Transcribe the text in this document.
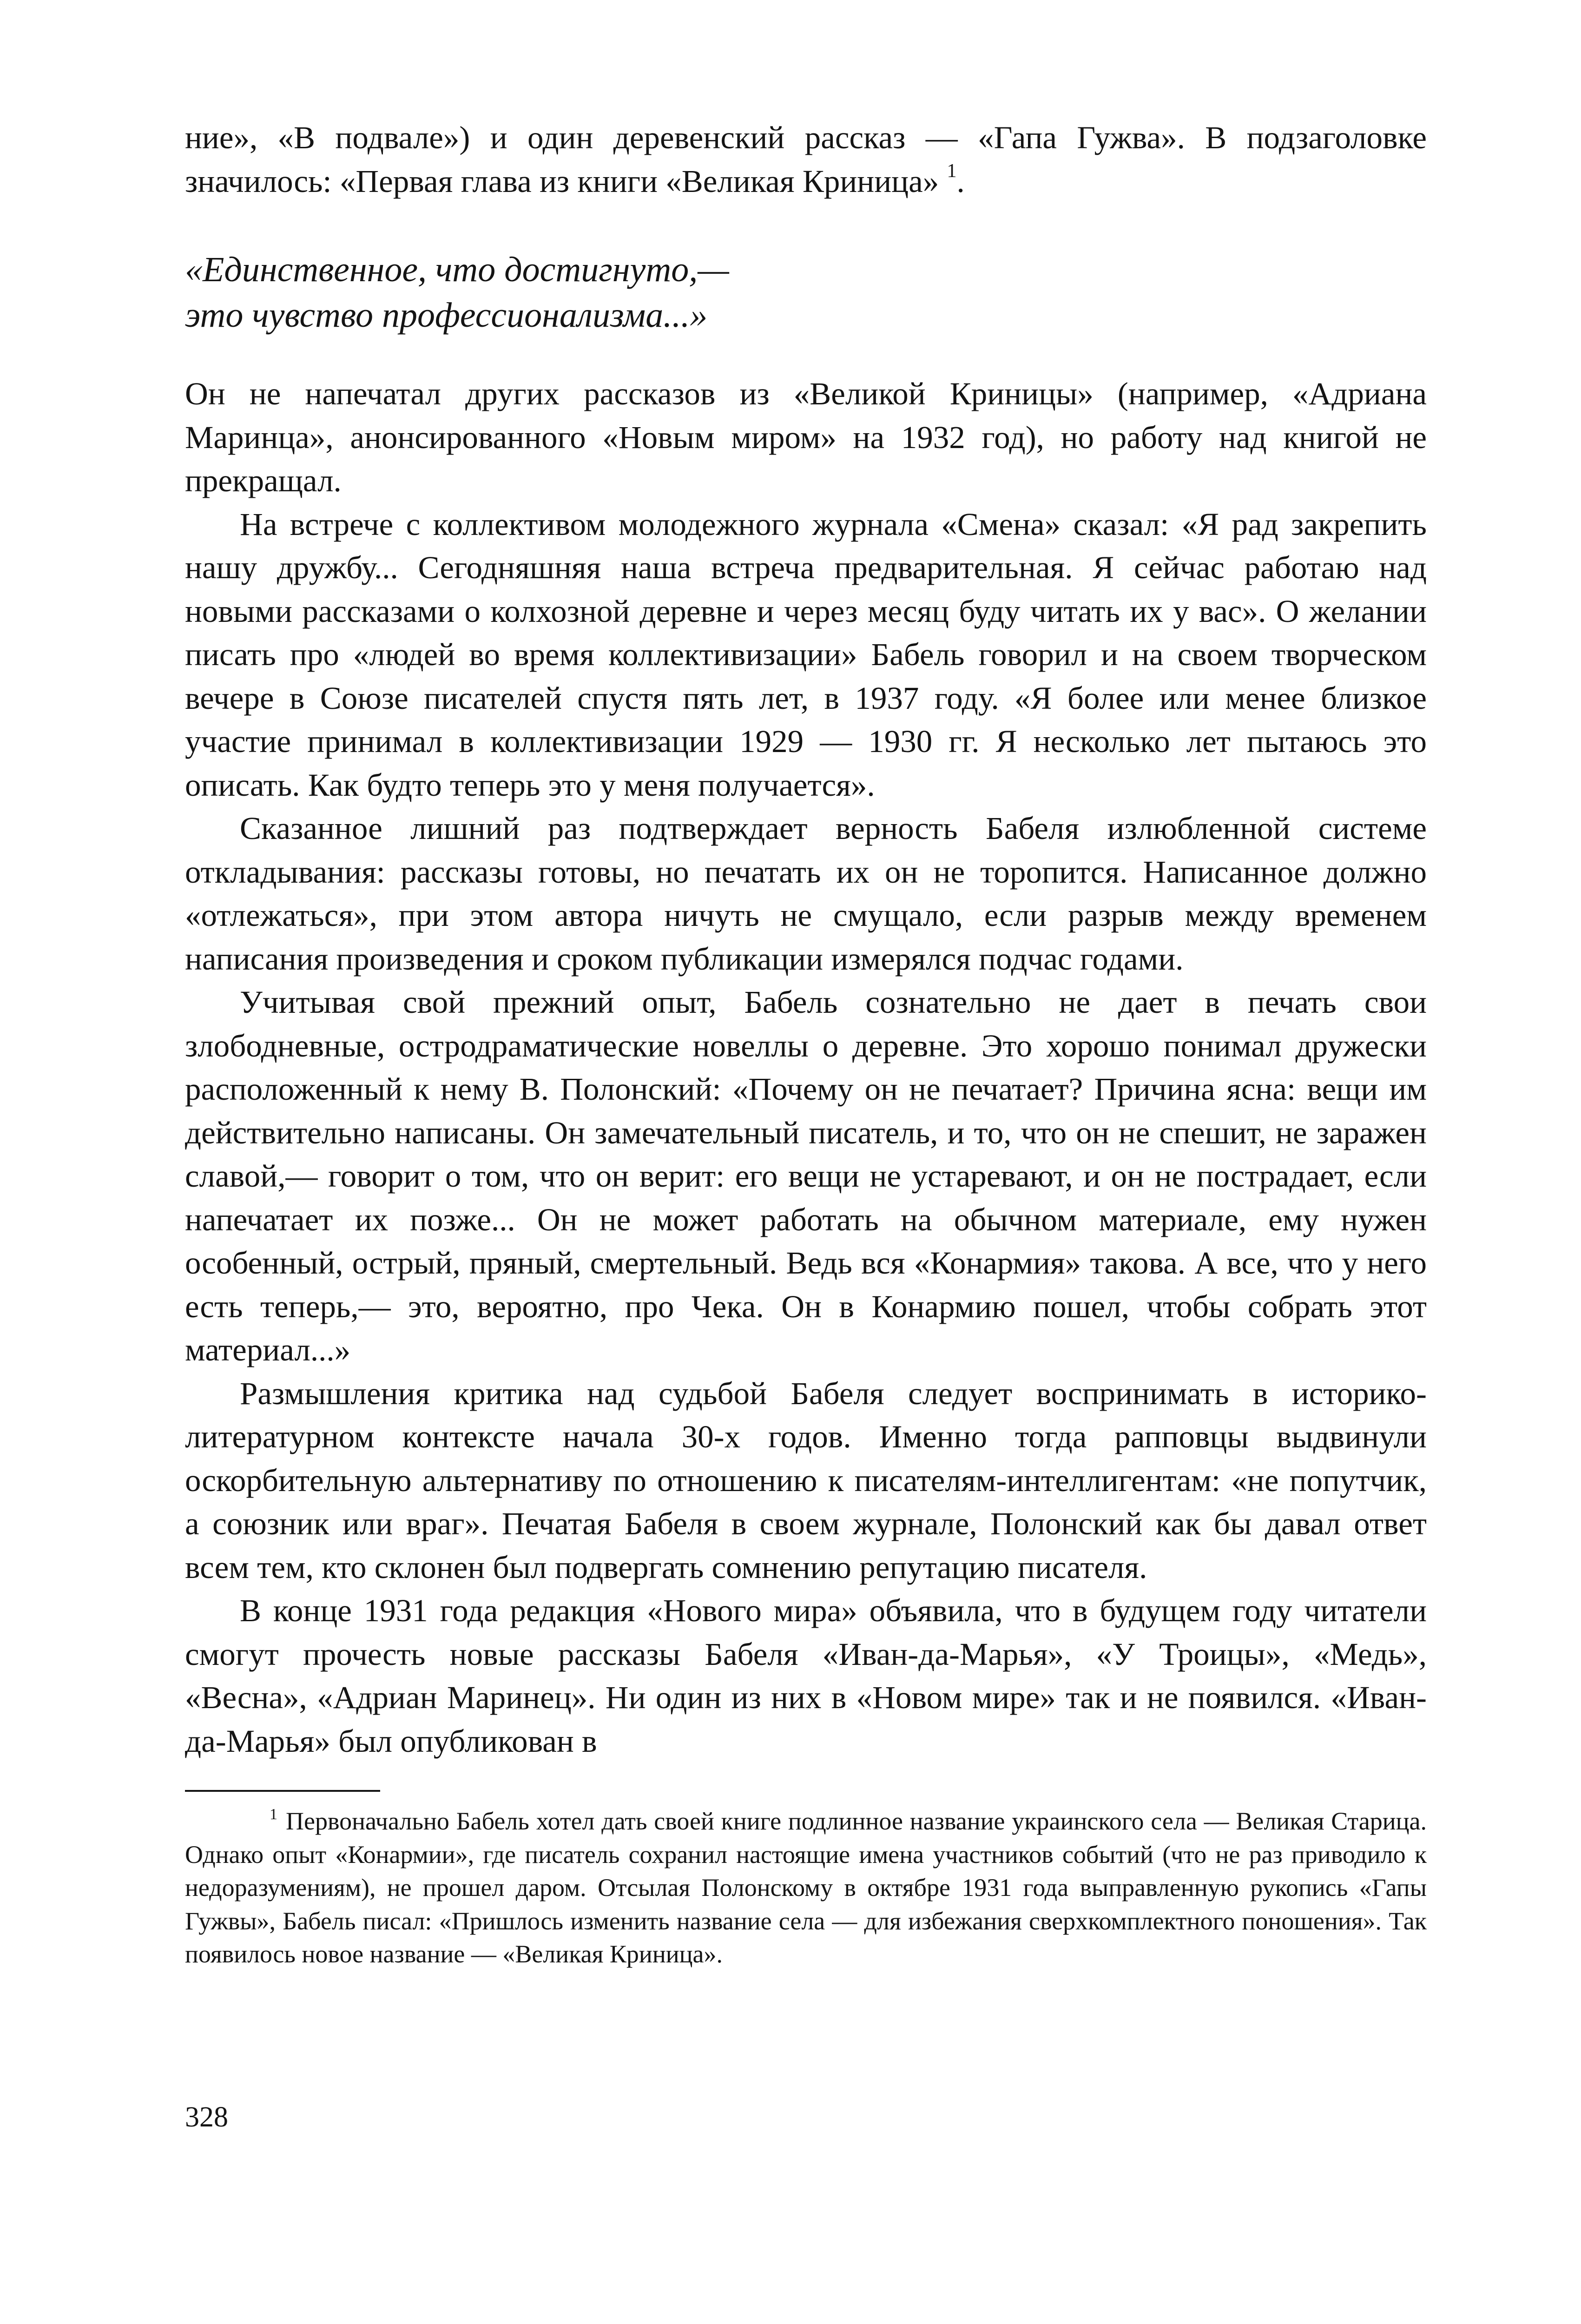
ние», «В подвале») и один деревенский рассказ — «Гапа Гужва». В подзаголовке значилось: «Первая глава из книги «Великая Криница» $^1$.

«Единственное, что достигнуто,—

это чувство профессионализма...»

Он не напечатал других рассказов из «Великой Криницы» (например, «Адриана Маринца», анонсированного «Новым миром» на 1932 год), но работу над книгой не прекращал.

На встрече с коллективом молодежного журнала «Смена» сказал: «Я рад закрепить нашу дружбу... Сегодняшняя наша встреча предварительная. Я сейчас работаю над новыми рассказами о колхозной деревне и через месяц буду читать их у вас». О желании писать про «людей во время коллективизации» Бабель говорил и на своем творческом вечере в Союзе писателей спустя пять лет, в 1937 году. «Я более или менее близкое участие принимал в коллективизации 1929 — 1930 гг. Я несколько лет пытаюсь это описать. Как будто теперь это у меня получается».

Сказанное лишний раз подтверждает верность Бабеля излюбленной системе откладывания: рассказы готовы, но печатать их он не торопится. Написанное должно «отлежаться», при этом автора ничуть не смущало, если разрыв между временем написания произведения и сроком публикации измерялся подчас годами.

Учитывая свой прежний опыт, Бабель сознательно не дает в печать свои злободневные, остродраматические новеллы о деревне. Это хорошо понимал дружески расположенный к нему В. Полонский: «Почему он не печатает? Причина ясна: вещи им действительно написаны. Он замечательный писатель, и то, что он не спешит, не заражен славой,— говорит о том, что он верит: его вещи не устаревают, и он не пострадает, если напечатает их позже... Он не может работать на обычном материале, ему нужен особенный, острый, пряный, смертельный. Ведь вся «Конармия» такова. А все, что у него есть теперь,— это, вероятно, про Чека. Он в Конармию пошел, чтобы собрать этот материал...»

Размышления критика над судьбой Бабеля следует воспринимать в историко-литературном контексте начала 30-х годов. Именно тогда рапповцы выдвинули оскорбительную альтернативу по отношению к писателям-интеллигентам: «не попутчик, а союзник или враг». Печатая Бабеля в своем журнале, Полонский как бы давал ответ всем тем, кто склонен был подвергать сомнению репутацию писателя.

В конце 1931 года редакция «Нового мира» объявила, что в будущем году читатели смогут прочесть новые рассказы Бабеля «Иван-да-Марья», «У Троицы», «Медь», «Весна», «Адриан Маринец». Ни один из них в «Новом мире» так и не появился. «Иван-да-Марья» был опубликован в

$^1$ Первоначально Бабель хотел дать своей книге подлинное название украинского села — Великая Старица. Однако опыт «Конармии», где писатель сохранил настоящие имена участников событий (что не раз приводило к недоразумениям), не прошел даром. Отсылая Полонскому в октябре 1931 года выправленную рукопись «Гапы Гужвы», Бабель писал: «Пришлось изменить название села — для избежания сверхкомплектного поношения». Так появилось новое название — «Великая Криница».

328
